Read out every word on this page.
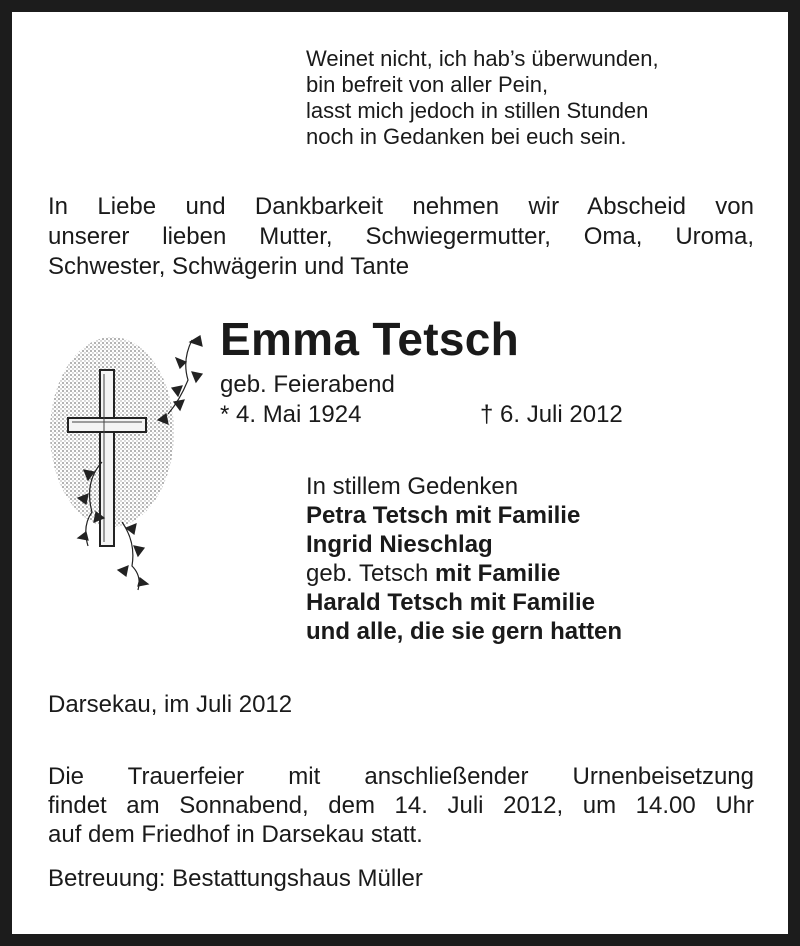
Weinet nicht, ich hab’s überwunden,
bin befreit von aller Pein,
lasst mich jedoch in stillen Stunden
noch in Gedanken bei euch sein.
In Liebe und Dankbarkeit nehmen wir Abscheid von
unserer lieben Mutter, Schwiegermutter, Oma, Uroma,
Schwester, Schwägerin und Tante
Emma Tetsch
geb. Feierabend
* 4. Mai 1924	† 6. Juli 2012
In stillem Gedenken
Petra Tetsch mit Familie
Ingrid Nieschlag
geb. Tetsch mit Familie
Harald Tetsch mit Familie
und alle, die sie gern hatten
Darsekau, im Juli 2012
Die Trauerfeier mit anschließender Urnenbeisetzung
findet am Sonnabend, dem 14. Juli 2012, um 14.00 Uhr
auf dem Friedhof in Darsekau statt.
Betreuung: Bestattungshaus Müller
